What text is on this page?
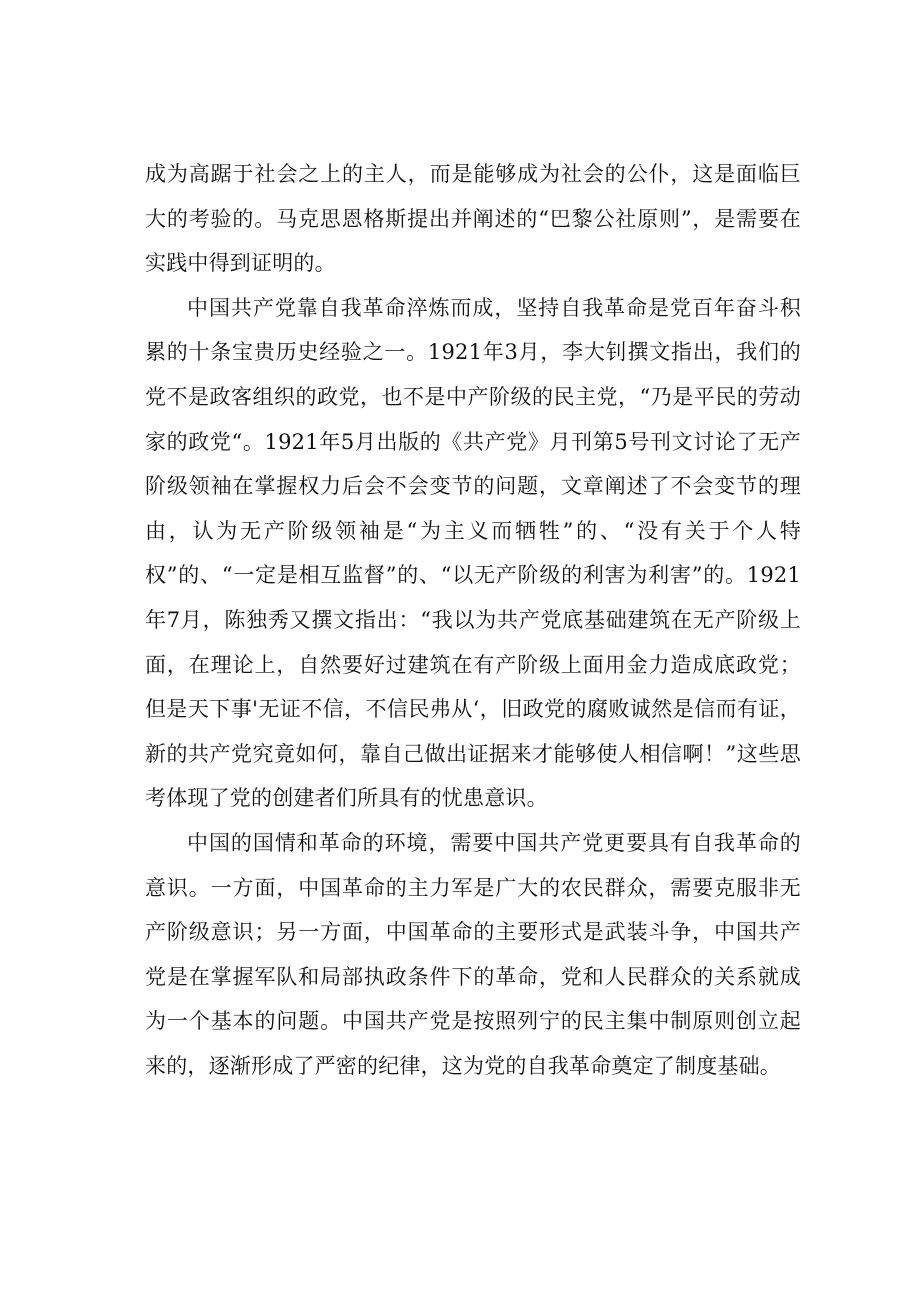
成为高踞于社会之上的主人，而是能够成为社会的公仆，这是面临巨大的考验的。马克思恩格斯提出并阐述的“巴黎公社原则”，是需要在实践中得到证明的。

中国共产党靠自我革命淬炼而成，坚持自我革命是党百年奋斗积累的十条宝贵历史经验之一。1921年3月，李大钊撰文指出，我们的党不是政客组织的政党，也不是中产阶级的民主党，“乃是平民的劳动家的政党“。1921年5月出版的《共产党》月刊第5号刊文讨论了无产阶级领袖在掌握权力后会不会变节的问题，文章阐述了不会变节的理由，认为无产阶级领袖是“为主义而牺牲”的、“没有关于个人特权”的、“一定是相互监督”的、“以无产阶级的利害为利害”的。1921年7月，陈独秀又撰文指出：“我以为共产党底基础建筑在无产阶级上面，在理论上，自然要好过建筑在有产阶级上面用金力造成底政党；但是天下事'无证不信，不信民弗从‘，旧政党的腐败诚然是信而有证，新的共产党究竟如何，靠自己做出证据来才能够使人相信啊！”这些思考体现了党的创建者们所具有的忧患意识。

中国的国情和革命的环境，需要中国共产党更要具有自我革命的意识。一方面，中国革命的主力军是广大的农民群众，需要克服非无产阶级意识；另一方面，中国革命的主要形式是武装斗争，中国共产党是在掌握军队和局部执政条件下的革命，党和人民群众的关系就成为一个基本的问题。中国共产党是按照列宁的民主集中制原则创立起来的，逐渐形成了严密的纪律，这为党的自我革命奠定了制度基础。
